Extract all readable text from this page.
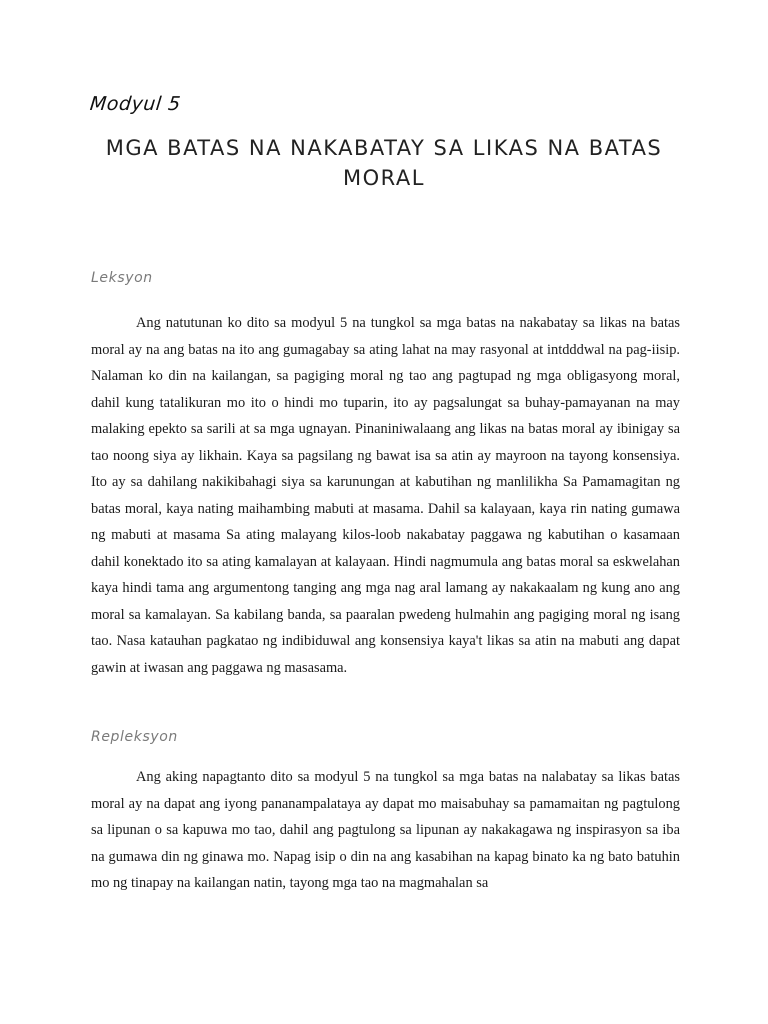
Modyul 5
MGA BATAS NA NAKABATAY SA LIKAS NA BATAS MORAL
Leksyon

Ang natutunan ko dito sa modyul 5 na tungkol sa mga batas na nakabatay sa likas na batas moral ay na ang batas na ito ang gumagabay sa ating lahat na may rasyonal at intdddwal na pag-iisip. Nalaman ko din na kailangan, sa pagiging moral ng tao ang pagtupad ng mga obligasyong moral, dahil kung tatalikuran mo ito o hindi mo tuparin, ito ay pagsalungat sa buhay-pamayanan na may malaking epekto sa sarili at sa mga ugnayan. Pinaniniwalaang ang likas na batas moral ay ibinigay sa tao noong siya ay likhain. Kaya sa pagsilang ng bawat isa sa atin ay mayroon na tayong konsensiya. Ito ay sa dahilang nakikibahagi siya sa karunungan at kabutihan ng manlilikha Sa Pamamagitan ng batas moral, kaya nating maihambing mabuti at masama. Dahil sa kalayaan, kaya rin nating gumawa ng mabuti at masama Sa ating malayang kilos-loob nakabatay paggawa ng kabutihan o kasamaan dahil konektado ito sa ating kamalayan at kalayaan. Hindi nagmumula ang batas moral sa eskwelahan kaya hindi tama ang argumentong tanging ang mga nag aral lamang ay nakakaalam ng kung ano ang moral sa kamalayan. Sa kabilang banda, sa paaralan pwedeng hulmahin ang pagiging moral ng isang tao. Nasa katauhan pagkatao ng indibiduwal ang konsensiya kaya't likas sa atin na mabuti ang dapat gawin at iwasan ang paggawa ng masasama.

Repleksyon

Ang aking napagtanto dito sa modyul 5 na tungkol sa mga batas na nalabatay sa likas batas moral ay na dapat ang iyong pananampalataya ay dapat mo maisabuhay sa pamamaitan ng pagtulong sa lipunan o sa kapuwa mo tao, dahil ang pagtulong sa lipunan ay nakakagawa ng inspirasyon sa iba na gumawa din ng ginawa mo. Napag isip o din na ang kasabihan na kapag binato ka ng bato batuhin mo ng tinapay na kailangan natin, tayong mga tao na magmahalan sa
